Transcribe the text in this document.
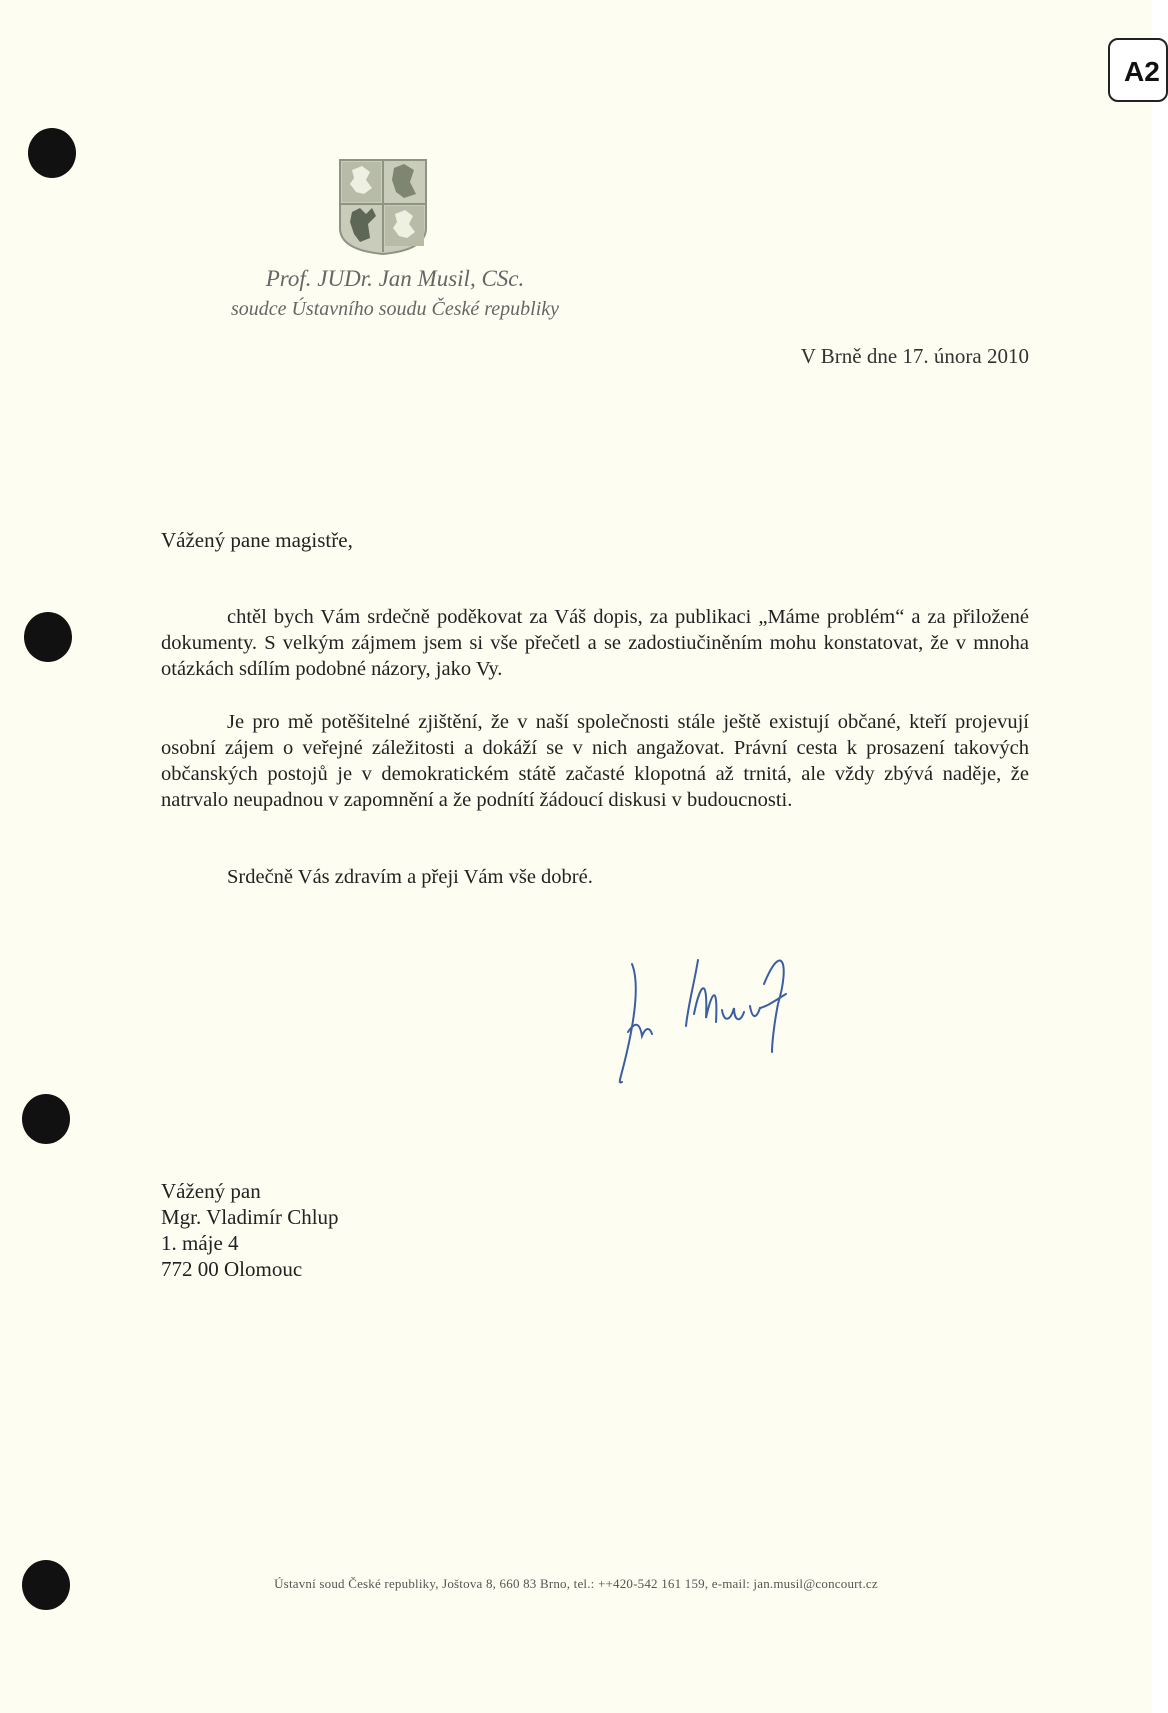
A2
Prof. JUDr. Jan Musil, CSc.
soudce Ústavního soudu České republiky
V Brně dne 17. února 2010
Vážený pane magistře,

chtěl bych Vám srdečně poděkovat za Váš dopis, za publikaci „Máme problém“ a za přiložené dokumenty. S velkým zájmem jsem si vše přečetl a se zadostiučiněním mohu konstatovat, že v mnoha otázkách sdílím podobné názory, jako Vy.

Je pro mě potěšitelné zjištění, že v naší společnosti stále ještě existují občané, kteří projevují osobní zájem o veřejné záležitosti a dokáží se v nich angažovat. Právní cesta k prosazení takových občanských postojů je v demokratickém státě začasté klopotná až trnitá, ale vždy zbývá naděje, že natrvalo neupadnou v zapomnění a že podnítí žádoucí diskusi v budoucnosti.

Srdečně Vás zdravím a přeji Vám vše dobré.

Vážený pan
Mgr. Vladimír Chlup
1. máje 4
772 00 Olomouc
Ústavní soud České republiky, Joštova 8, 660 83 Brno, tel.: ++420-542 161 159, e-mail: jan.musil@concourt.cz
